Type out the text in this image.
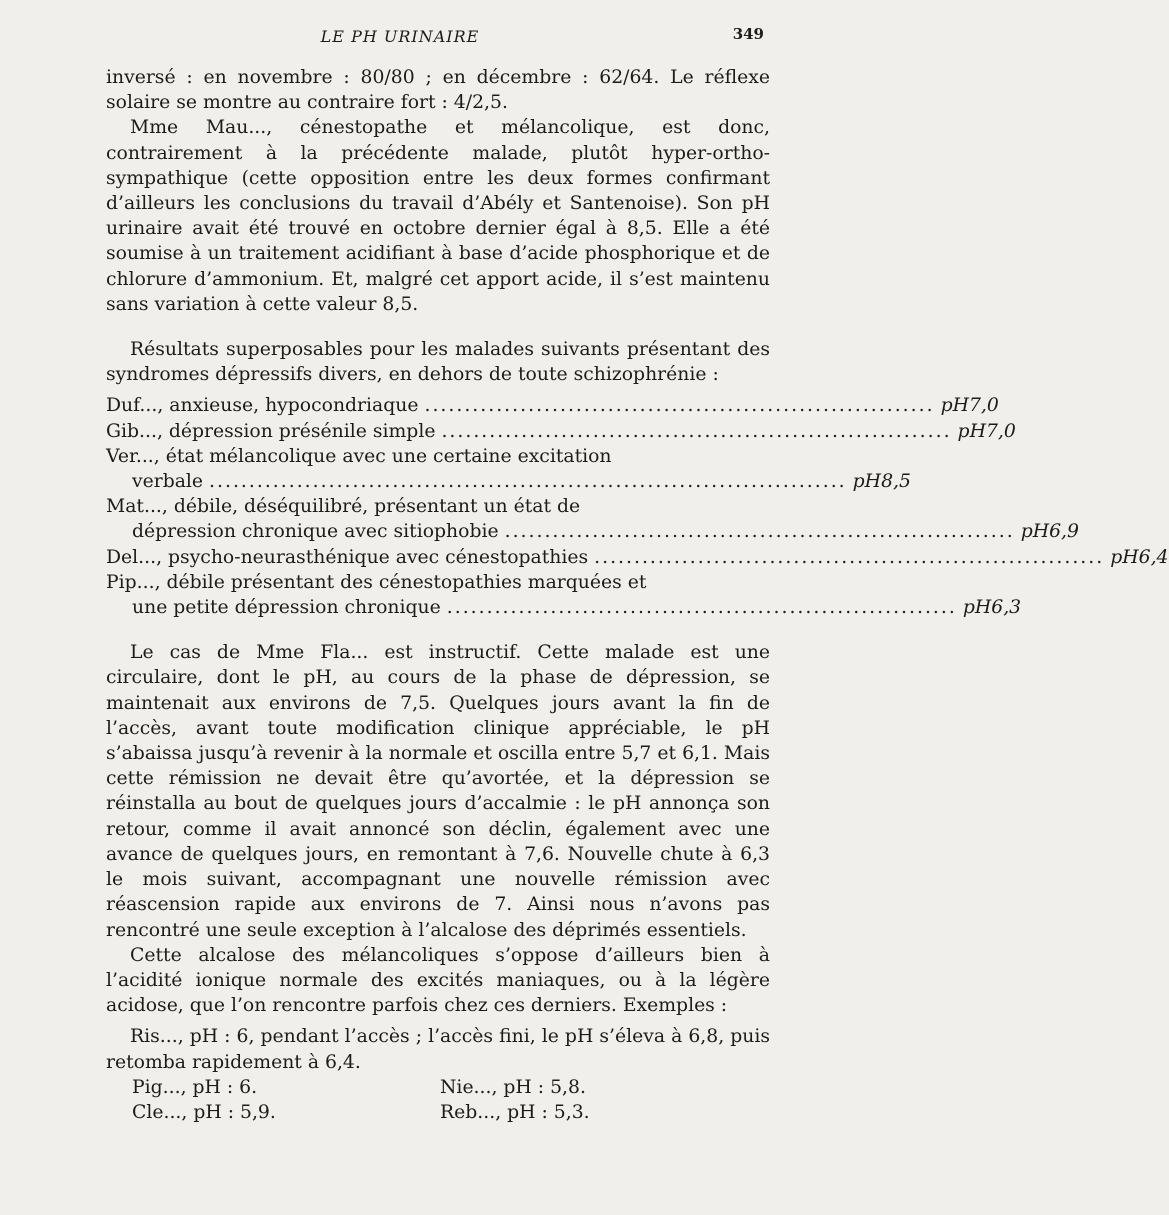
LE PH URINAIRE	349

inversé : en novembre : 80/80 ; en décembre : 62/64. Le réflexe solaire se montre au contraire fort : 4/2,5.

Mme Mau..., cénestopathe et mélancolique, est donc, contrairement à la précédente malade, plutôt hyper-ortho-sympathique (cette opposition entre les deux formes confirmant d’ailleurs les conclusions du travail d’Abély et Santenoise). Son pH urinaire avait été trouvé en octobre dernier égal à 8,5. Elle a été soumise à un traitement acidifiant à base d’acide phosphorique et de chlorure d’ammonium. Et, malgré cet apport acide, il s’est maintenu sans variation à cette valeur 8,5.

Résultats superposables pour les malades suivants présentant des syndromes dépressifs divers, en dehors de toute schizophrénie :

Duf..., anxieuse, hypocondriaque ................................................................ pH 7,0
Gib..., dépression présénile simple ................................................................ pH 7,0
Ver..., état mélancolique avec une certaine excitation
verbale ................................................................................ pH 8,5
Mat..., débile, déséquilibré, présentant un état de
dépression chronique avec sitiophobie ................................................................ pH 6,9
Del..., psycho-neurasthénique avec cénestopathies ................................................................ pH 6,4
Pip..., débile présentant des cénestopathies marquées et
une petite dépression chronique ................................................................ pH 6,3

Le cas de Mme Fla... est instructif. Cette malade est une circulaire, dont le pH, au cours de la phase de dépression, se maintenait aux environs de 7,5. Quelques jours avant la fin de l’accès, avant toute modification clinique appréciable, le pH s’abaissa jusqu’à revenir à la normale et oscilla entre 5,7 et 6,1. Mais cette rémission ne devait être qu’avortée, et la dépression se réinstalla au bout de quelques jours d’accalmie : le pH annonça son retour, comme il avait annoncé son déclin, également avec une avance de quelques jours, en remontant à 7,6. Nouvelle chute à 6,3 le mois suivant, accompagnant une nouvelle rémission avec réascension rapide aux environs de 7. Ainsi nous n’avons pas rencontré une seule exception à l’alcalose des déprimés essentiels.

Cette alcalose des mélancoliques s’oppose d’ailleurs bien à l’acidité ionique normale des excités maniaques, ou à la légère acidose, que l’on rencontre parfois chez ces derniers. Exemples :

Ris..., pH : 6, pendant l’accès ; l’accès fini, le pH s’éleva à 6,8, puis retomba rapidement à 6,4.

Pig..., pH : 6.	Nie..., pH : 5,8.
Cle..., pH : 5,9.	Reb..., pH : 5,3.
